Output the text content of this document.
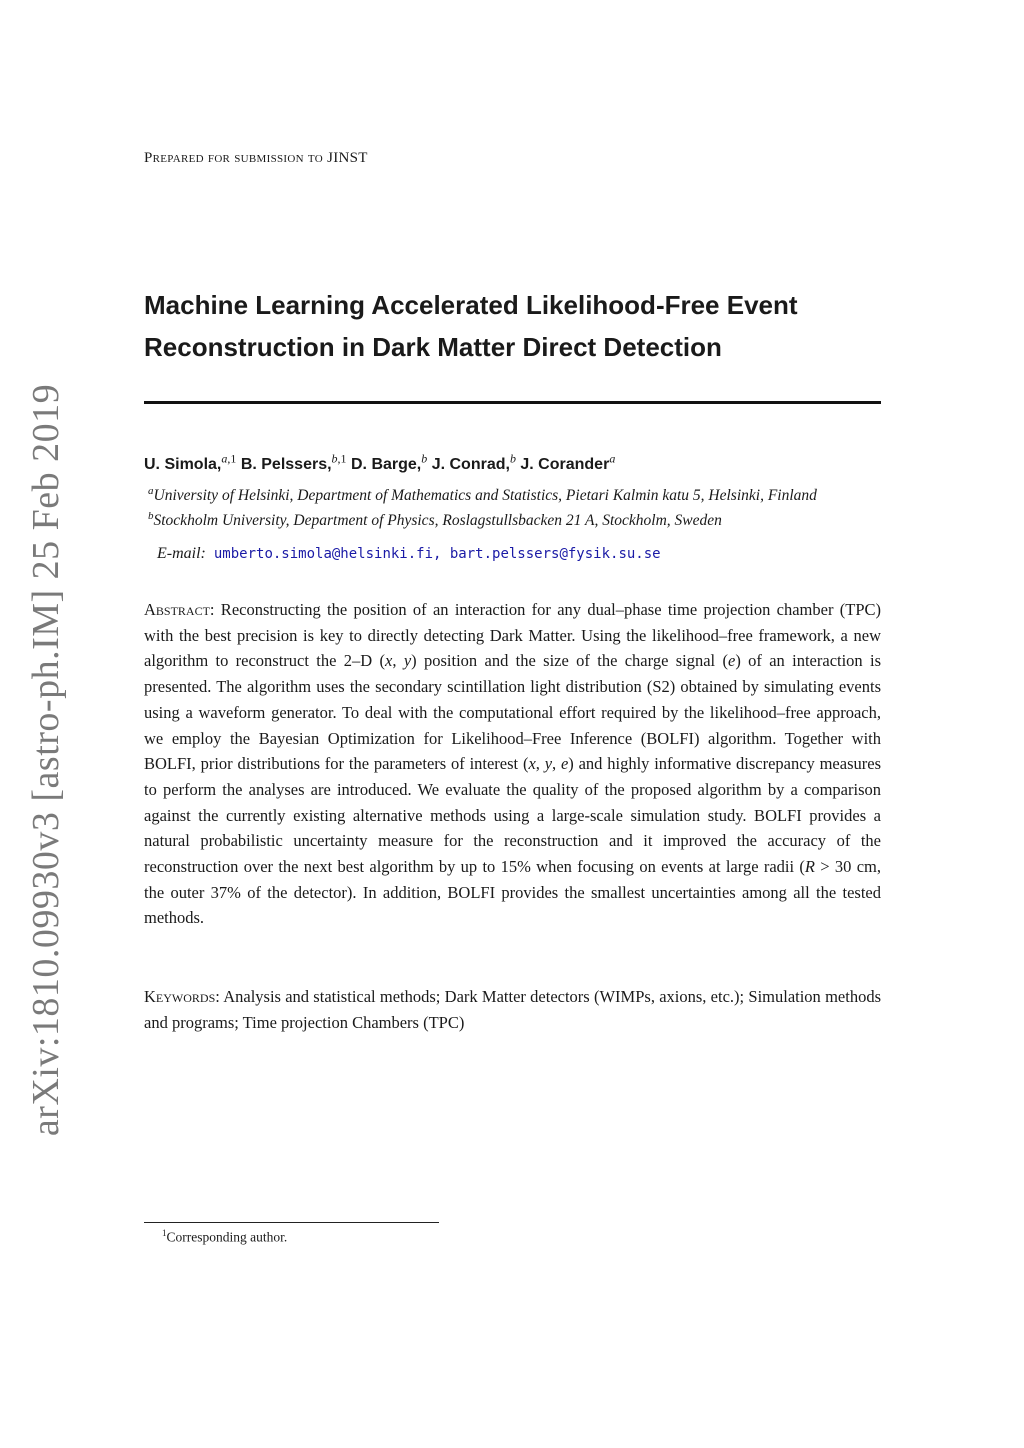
arXiv:1810.09930v3 [astro-ph.IM] 25 Feb 2019
Prepared for submission to JINST
Machine Learning Accelerated Likelihood-Free Event
Reconstruction in Dark Matter Direct Detection
U. Simola,$^{a,1}$ B. Pelssers,$^{b,1}$ D. Barge,$^b$ J. Conrad,$^b$ J. Corander$^a$
$^a$University of Helsinki, Department of Mathematics and Statistics, Pietari Kalmin katu 5, Helsinki, Finland
$^b$Stockholm University, Department of Physics, Roslagstullsbacken 21 A, Stockholm, Sweden
E-mail: umberto.simola@helsinki.fi, bart.pelssers@fysik.su.se
Abstract: Reconstructing the position of an interaction for any dual–phase time projection chamber (TPC) with the best precision is key to directly detecting Dark Matter. Using the likelihood–free framework, a new algorithm to reconstruct the 2–D (x, y) position and the size of the charge signal (e) of an interaction is presented. The algorithm uses the secondary scintillation light distribution (S2) obtained by simulating events using a waveform generator. To deal with the computational effort required by the likelihood–free approach, we employ the Bayesian Optimization for Likelihood–Free Inference (BOLFI) algorithm. Together with BOLFI, prior distributions for the parameters of interest (x, y, e) and highly informative discrepancy measures to perform the analyses are introduced. We evaluate the quality of the proposed algorithm by a comparison against the currently existing alternative methods using a large-scale simulation study. BOLFI provides a natural probabilistic uncertainty measure for the reconstruction and it improved the accuracy of the reconstruction over the next best algorithm by up to 15% when focusing on events at large radii (R > 30 cm, the outer 37% of the detector). In addition, BOLFI provides the smallest uncertainties among all the tested methods.
Keywords: Analysis and statistical methods; Dark Matter detectors (WIMPs, axions, etc.); Simulation methods and programs; Time projection Chambers (TPC)
$^1$Corresponding author.
